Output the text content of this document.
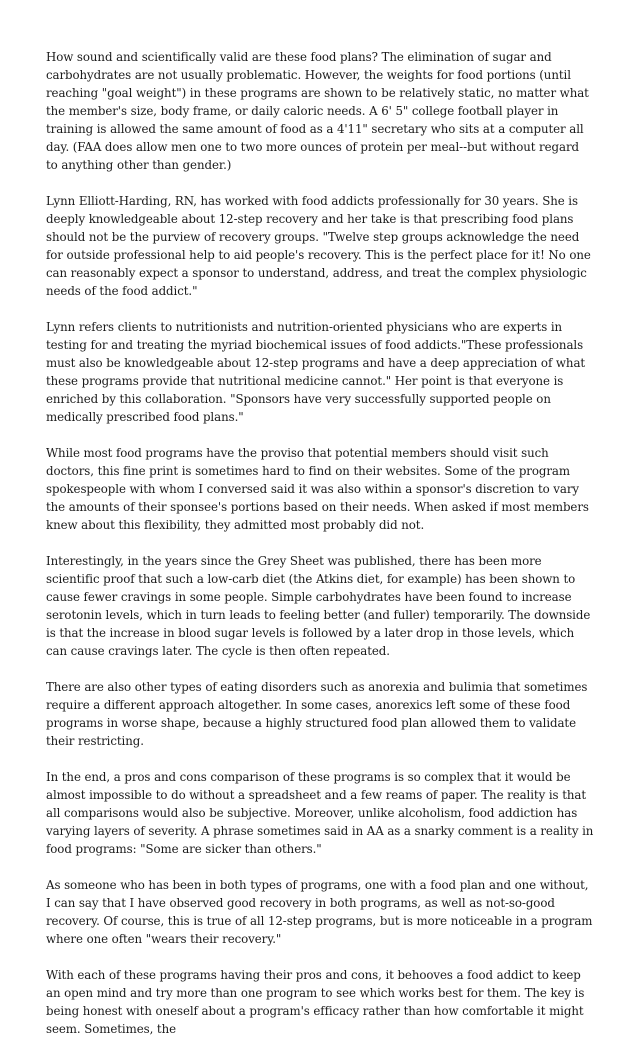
How sound and scientifically valid are these food plans? The elimination of sugar and carbohydrates are not usually problematic. However, the weights for food portions (until reaching "goal weight") in these programs are shown to be relatively static, no matter what the member's size, body frame, or daily caloric needs. A 6' 5" college football player in training is allowed the same amount of food as a 4'11" secretary who sits at a computer all day. (FAA does allow men one to two more ounces of protein per meal--but without regard to anything other than gender.)

Lynn Elliott-Harding, RN, has worked with food addicts professionally for 30 years. She is deeply knowledgeable about 12-step recovery and her take is that prescribing food plans should not be the purview of recovery groups. "Twelve step groups acknowledge the need for outside professional help to aid people's recovery. This is the perfect place for it! No one can reasonably expect a sponsor to understand, address, and treat the complex physiologic needs of the food addict."

Lynn refers clients to nutritionists and nutrition-oriented physicians who are experts in testing for and treating the myriad biochemical issues of food addicts."These professionals must also be knowledgeable about 12-step programs and have a deep appreciation of what these programs provide that nutritional medicine cannot." Her point is that everyone is enriched by this collaboration. "Sponsors have very successfully supported people on medically prescribed food plans."

While most food programs have the proviso that potential members should visit such doctors, this fine print is sometimes hard to find on their websites. Some of the program spokespeople with whom I conversed said it was also within a sponsor's discretion to vary the amounts of their sponsee's portions based on their needs. When asked if most members knew about this flexibility, they admitted most probably did not.

Interestingly, in the years since the Grey Sheet was published, there has been more scientific proof that such a low-carb diet (the Atkins diet, for example) has been shown to cause fewer cravings in some people. Simple carbohydrates have been found to increase serotonin levels, which in turn leads to feeling better (and fuller) temporarily. The downside is that the increase in blood sugar levels is followed by a later drop in those levels, which can cause cravings later. The cycle is then often repeated.

There are also other types of eating disorders such as anorexia and bulimia that sometimes require a different approach altogether. In some cases, anorexics left some of these food programs in worse shape, because a highly structured food plan allowed them to validate their restricting.

In the end, a pros and cons comparison of these programs is so complex that it would be almost impossible to do without a spreadsheet and a few reams of paper. The reality is that all comparisons would also be subjective. Moreover, unlike alcoholism, food addiction has varying layers of severity. A phrase sometimes said in AA as a snarky comment is a reality in food programs: "Some are sicker than others."

As someone who has been in both types of programs, one with a food plan and one without, I can say that I have observed good recovery in both programs, as well as not-so-good recovery. Of course, this is true of all 12-step programs, but is more noticeable in a program where one often "wears their recovery."

With each of these programs having their pros and cons, it behooves a food addict to keep an open mind and try more than one program to see which works best for them. The key is being honest with oneself about a program's efficacy rather than how comfortable it might seem. Sometimes, the
